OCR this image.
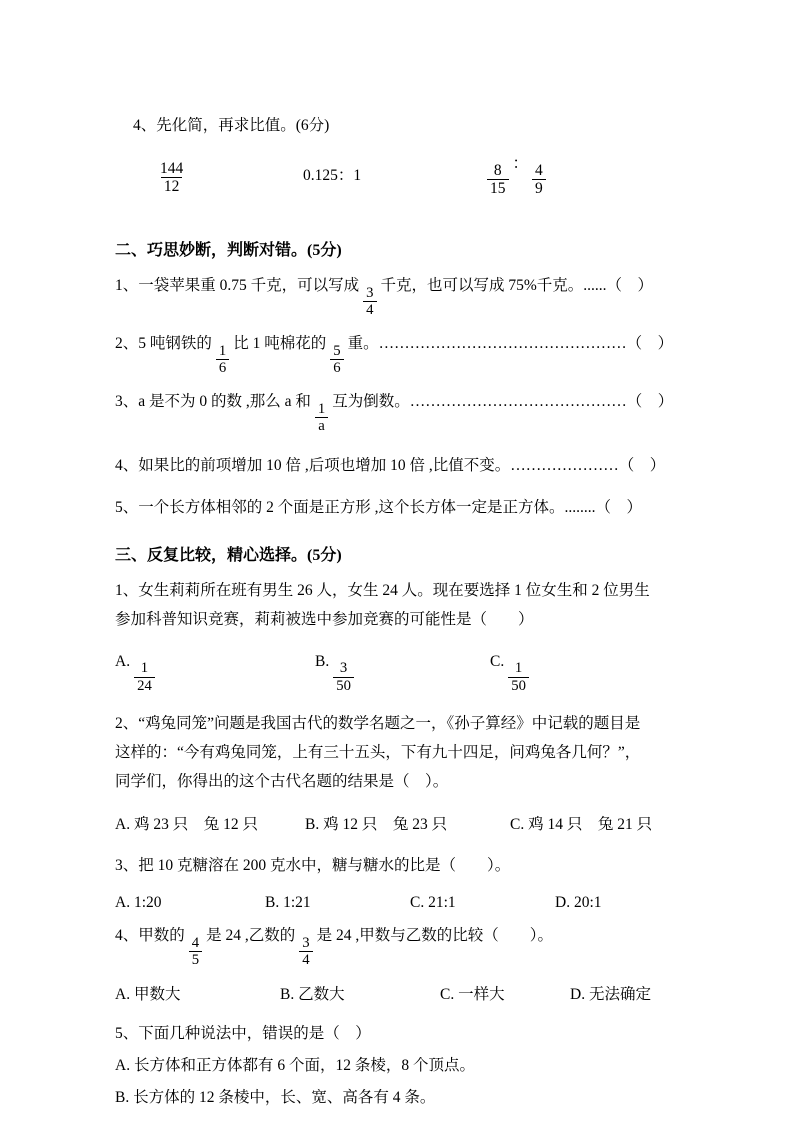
4、先化简，再求比值。(6分)

$\frac{144}{12}$	0.125：1	$\frac{8}{15}$ ： $\frac{4}{9}$
二、巧思妙断，判断对错。(5分)
1、一袋苹果重 0.75 千克，可以写成 $\frac{3}{4}$ 千克，也可以写成 75%千克。......（　）
2、5 吨钢铁的 $\frac{1}{6}$ 比 1 吨棉花的 $\frac{5}{6}$ 重。…………………………………………（　）
3、a 是不为 0 的数 ,那么 a 和 $\frac{1}{a}$ 互为倒数。……………………………………（　）
4、如果比的前项增加 10 倍 ,后项也增加 10 倍 ,比值不变。…………………（　）
5、一个长方体相邻的 2 个面是正方形 ,这个长方体一定是正方体。........（　）
三、反复比较，精心选择。(5分)

1、女生莉莉所在班有男生 26 人，女生 24 人。现在要选择 1 位女生和 2 位男生
参加科普知识竞赛，莉莉被选中参加竞赛的可能性是（　　）

A. $\frac{1}{24}$	B. $\frac{3}{50}$	C. $\frac{1}{50}$

2、“鸡兔同笼”问题是我国古代的数学名题之一，《孙子算经》中记载的题目是
这样的：“今有鸡兔同笼，上有三十五头，下有九十四足，问鸡兔各几何？”，
同学们，你得出的这个古代名题的结果是（　）。

A. 鸡 23 只　兔 12 只	B. 鸡 12 只　兔 23 只	C. 鸡 14 只　兔 21 只

3、把 10 克糖溶在 200 克水中，糖与糖水的比是（　　）。

A. 1:20	B. 1:21	C. 21:1	D. 20:1

4、甲数的 $\frac{4}{5}$ 是 24 ,乙数的 $\frac{3}{4}$ 是 24 ,甲数与乙数的比较（　　）。

A. 甲数大	B. 乙数大	C. 一样大	D. 无法确定

5、下面几种说法中，错误的是（　）

A. 长方体和正方体都有 6 个面，12 条棱，8 个顶点。
B. 长方体的 12 条棱中，长、宽、高各有 4 条。
